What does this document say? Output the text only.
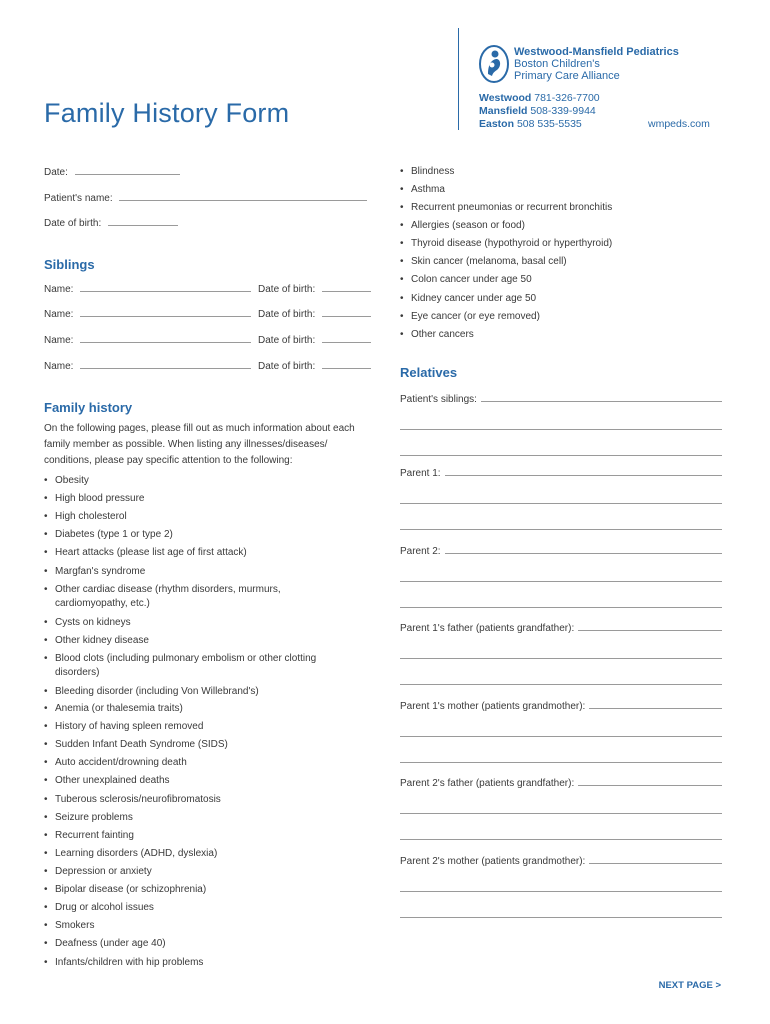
Family History Form
Westwood-Mansfield Pediatrics
Boston Children's
Primary Care Alliance
Westwood 781-326-7700
Mansfield 508-339-9944
Easton 508 535-5535	wmpeds.com
Date:
Patient's name:
Date of birth:
Siblings
Name:	Date of birth:
Name:	Date of birth:
Name:	Date of birth:
Name:	Date of birth:
Family history

On the following pages, please fill out as much information about each family member as possible. When listing any illnesses/diseases/ conditions, please pay specific attention to the following:

• Obesity
• High blood pressure
• High cholesterol
• Diabetes (type 1 or type 2)
• Heart attacks (please list age of first attack)
• Margfan's syndrome
• Other cardiac disease (rhythm disorders, murmurs, cardiomyopathy, etc.)
• Cysts on kidneys
• Other kidney disease
• Blood clots (including pulmonary embolism or other clotting disorders)
• Bleeding disorder (including Von Willebrand's)
• Anemia (or thalesemia traits)
• History of having spleen removed
• Sudden Infant Death Syndrome (SIDS)
• Auto accident/drowning death
• Other unexplained deaths
• Tuberous sclerosis/neurofibromatosis
• Seizure problems
• Recurrent fainting
• Learning disorders (ADHD, dyslexia)
• Depression or anxiety
• Bipolar disease (or schizophrenia)
• Drug or alcohol issues
• Smokers
• Deafness (under age 40)
• Infants/children with hip problems
• Blindness
• Asthma
• Recurrent pneumonias or recurrent bronchitis
• Allergies (season or food)
• Thyroid disease (hypothyroid or hyperthyroid)
• Skin cancer (melanoma, basal cell)
• Colon cancer under age 50
• Kidney cancer under age 50
• Eye cancer (or eye removed)
• Other cancers
Relatives
Patient's siblings:
Parent 1:
Parent 2:
Parent 1's father (patients grandfather):
Parent 1's mother (patients grandmother):
Parent 2's father (patients grandfather):
Parent 2's mother (patients grandmother):
NEXT PAGE >
